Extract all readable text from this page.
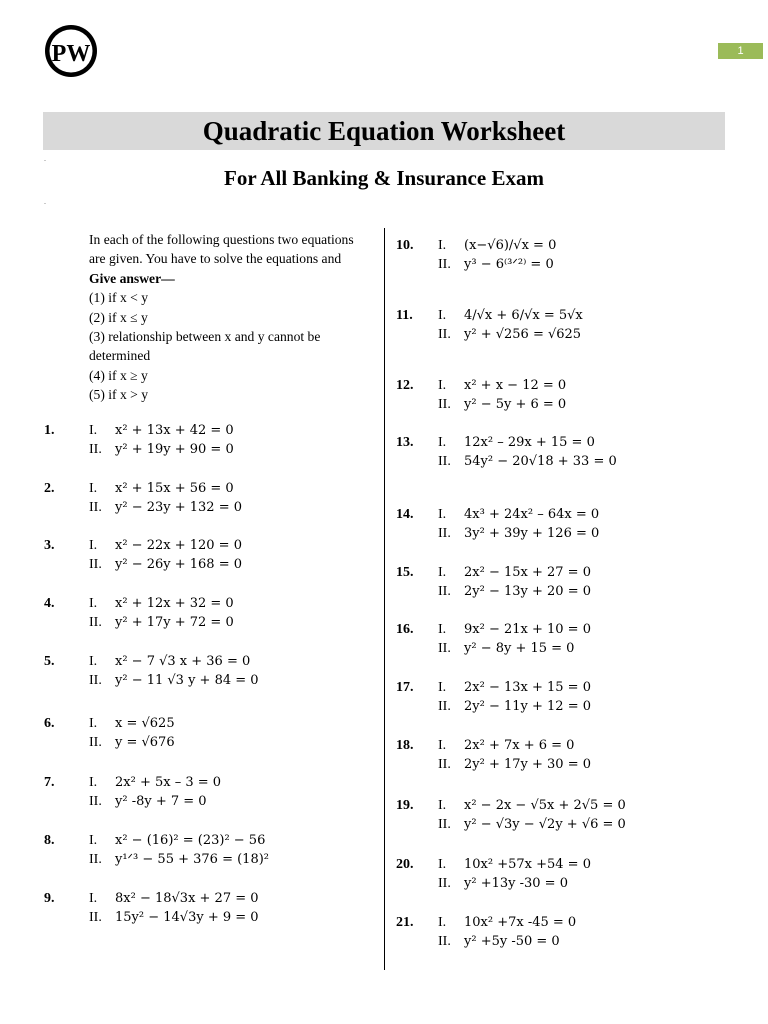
PW	1
Quadratic Equation Worksheet
For All Banking & Insurance Exam
.
.
In each of the following questions two equations
are given. You have to solve the equations and
Give answer—
(1) if x < y
(2) if x ≤ y
(3) relationship between x and y cannot be
determined
(4) if x ≥ y
(5) if x > y
1. I. x² + 13x + 42 = 0
II. y² + 19y + 90 = 0
2. I. x² + 15x + 56 = 0
II. y² − 23y + 132 = 0
3. I. x² − 22x + 120 = 0
II. y² − 26y + 168 = 0
4. I. x² + 12x + 32 = 0
II. y² + 17y + 72 = 0
5. I. x² − 7 √3 x + 36 = 0
II. y² − 11 √3 y + 84 = 0
6. I. x = √625
II. y = √676
7. I. 2x² + 5x – 3 = 0
II. y² -8y + 7 = 0
8. I. x² − (16)² = (23)² − 56
II. y¹ᐟ³ − 55 + 376 = (18)²
9. I. 8x² − 18√3x + 27 = 0
II. 15y² − 14√3y + 9 = 0
10. I. (x−√6)/√x = 0
II. y³ − 6⁽³ᐟ²⁾ = 0
11. I. 4/√x + 6/√x = 5√x
II. y² + √256 = √625
12. I. x² + x − 12 = 0
II. y² − 5y + 6 = 0
13. I. 12x² – 29x + 15 = 0
II. 54y² − 20√18 + 33 = 0
14. I. 4x³ + 24x² – 64x = 0
II. 3y² + 39y + 126 = 0
15. I. 2x² − 15x + 27 = 0
II. 2y² − 13y + 20 = 0
16. I. 9x² − 21x + 10 = 0
II. y² − 8y + 15 = 0
17. I. 2x² − 13x + 15 = 0
II. 2y² − 11y + 12 = 0
18. I. 2x² + 7x + 6 = 0
II. 2y² + 17y + 30 = 0
19. I. x² − 2x − √5x + 2√5 = 0
II. y² − √3y − √2y + √6 = 0
20. I. 10x² +57x +54 = 0
II. y² +13y -30 = 0
21. I. 10x² +7x -45 = 0
II. y² +5y -50 = 0
